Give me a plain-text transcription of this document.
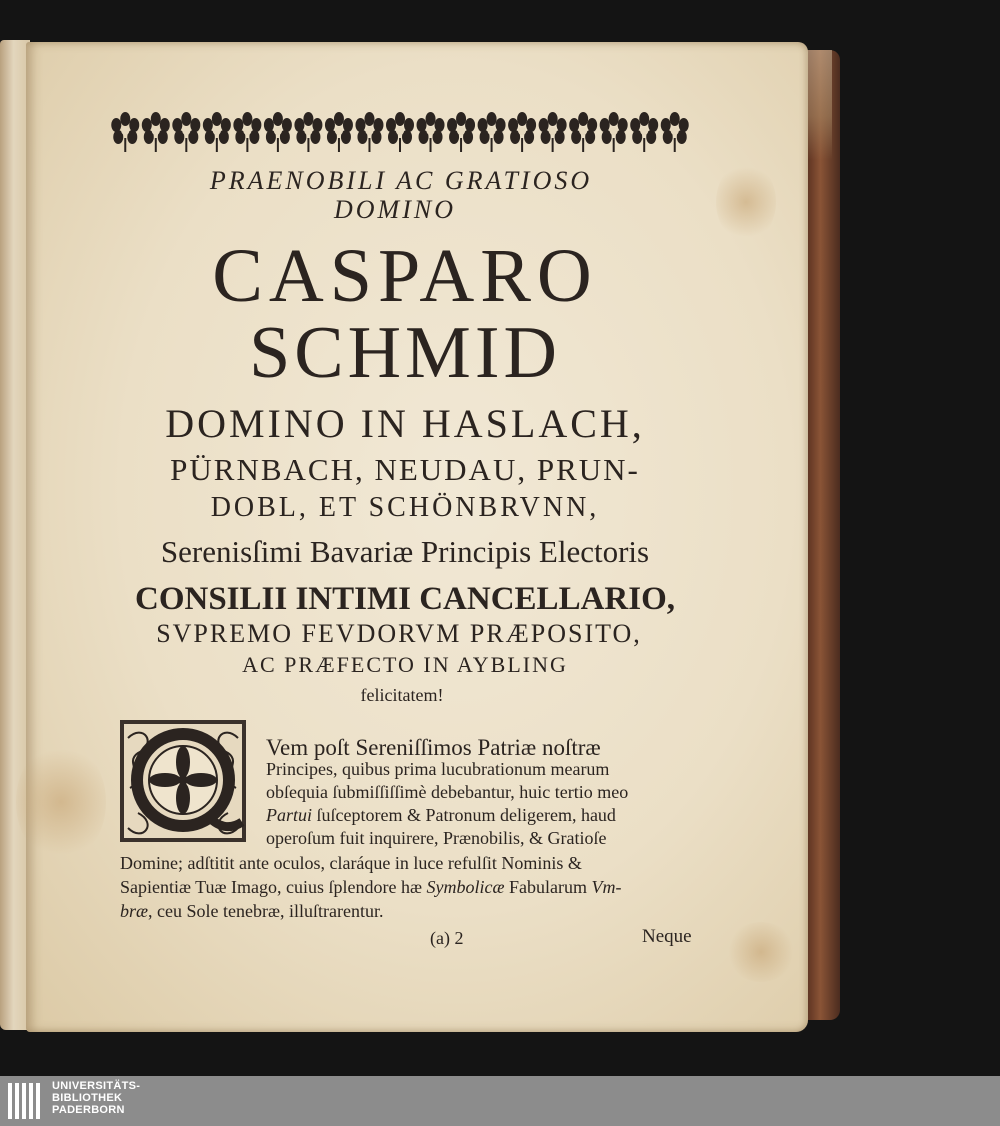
PRAENOBILI AC GRATIOSO
DOMINO
CASPARO
SCHMID
DOMINO IN HASLACH,
PÜRNBACH, NEUDAU, PRUN-
DOBL, ET SCHÖNBRVNN,
Serenisſimi Bavariæ Principis Electoris
CONSILII INTIMI CANCELLARIO,
SVPREMO FEVDORVM PRÆPOSITO,
AC PRÆFECTO IN AYBLING
felicitatem!
Vem poſt Sereniſſimos Patriæ noſtræ
Principes, quibus prima lucubrationum mearum
obſequia ſubmiſſiſſimè debebantur, huic tertio meo
Partui ſuſceptorem & Patronum deligerem, haud
operoſum fuit inquirere, Prænobilis, & Gratioſe
Domine; adſtitit ante oculos, claráque in luce refulſit Nominis &
Sapientiæ Tuæ Imago, cuius ſplendore hæ Symbolicæ Fabularum Vm-
bræ, ceu Sole tenebræ, illuſtrarentur.
(a) 2	Neque
UNIVERSITÄTS-
BIBLIOTHEK
PADERBORN
